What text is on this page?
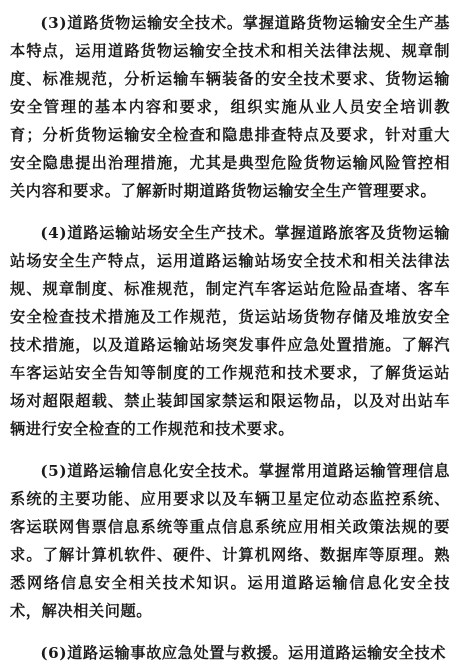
(3)道路货物运输安全技术。掌握道路货物运输安全生产基本特点，运用道路货物运输安全技术和相关法律法规、规章制度、标准规范，分析运输车辆装备的安全技术要求、货物运输安全管理的基本内容和要求，组织实施从业人员安全培训教育；分析货物运输安全检查和隐患排查特点及要求，针对重大安全隐患提出治理措施，尤其是典型危险货物运输风险管控相关内容和要求。了解新时期道路货物运输安全生产管理要求。

(4)道路运输站场安全生产技术。掌握道路旅客及货物运输站场安全生产特点，运用道路运输站场安全技术和相关法律法规、规章制度、标准规范，制定汽车客运站危险品查堵、客车安全检查技术措施及工作规范，货运站场货物存储及堆放安全技术措施，以及道路运输站场突发事件应急处置措施。了解汽车客运站安全告知等制度的工作规范和技术要求，了解货运站场对超限超载、禁止装卸国家禁运和限运物品，以及对出站车辆进行安全检查的工作规范和技术要求。

(5)道路运输信息化安全技术。掌握常用道路运输管理信息系统的主要功能、应用要求以及车辆卫星定位动态监控系统、客运联网售票信息系统等重点信息系统应用相关政策法规的要求。了解计算机软件、硬件、计算机网络、数据库等原理。熟悉网络信息安全相关技术知识。运用道路运输信息化安全技术，解决相关问题。

(6)道路运输事故应急处置与救援。运用道路运输安全技术
